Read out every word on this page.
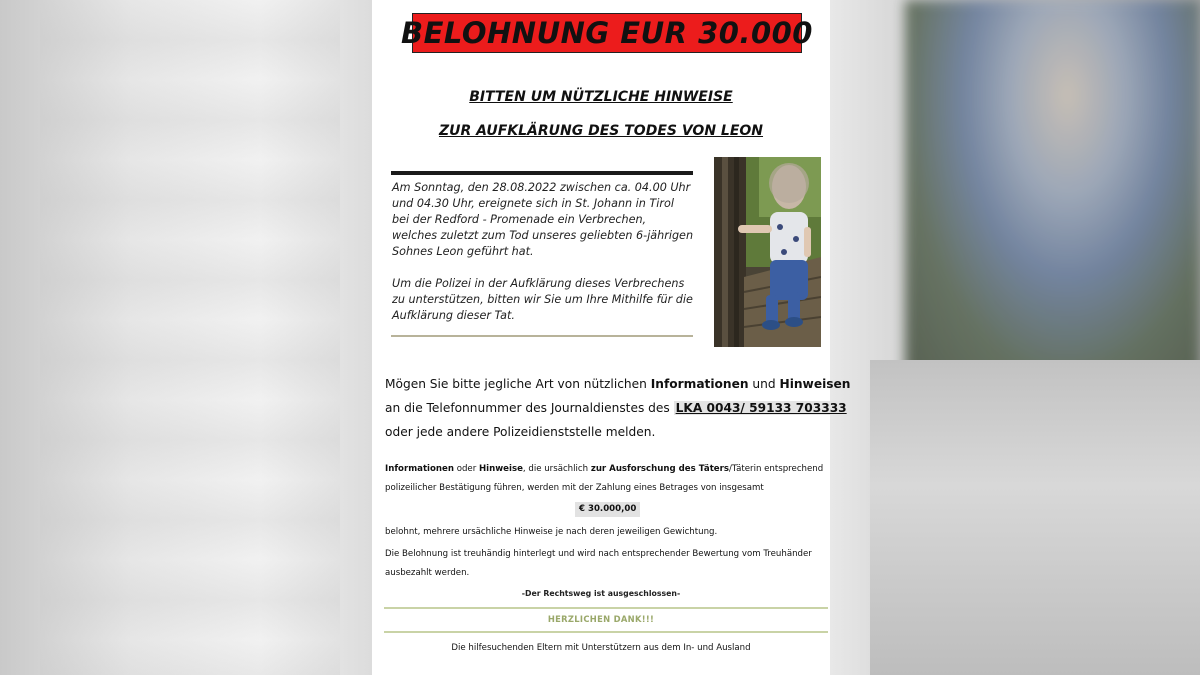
BELOHNUNG EUR 30.000
BITTEN UM NÜTZLICHE HINWEISE
ZUR AUFKLÄRUNG DES TODES VON LEON

Am Sonntag, den 28.08.2022 zwischen ca. 04.00 Uhr und 04.30 Uhr, ereignete sich in St. Johann in Tirol bei der Redford - Promenade ein Verbrechen, welches zuletzt zum Tod unseres geliebten 6-jährigen Sohnes Leon geführt hat.

Um die Polizei in der Aufklärung dieses Verbrechens zu unterstützen, bitten wir Sie um Ihre Mithilfe für die Aufklärung dieser Tat.

Mögen Sie bitte jegliche Art von nützlichen Informationen und Hinweisen
an die Telefonnummer des Journaldienstes des LKA 0043/ 59133 703333
oder jede andere Polizeidienststelle melden.
Informationen oder Hinweise, die ursächlich zur Ausforschung des Täters/Täterin entsprechend
polizeilicher Bestätigung führen, werden mit der Zahlung eines Betrages von insgesamt
€ 30.000,00
belohnt, mehrere ursächliche Hinweise je nach deren jeweiligen Gewichtung.
Die Belohnung ist treuhändig hinterlegt und wird nach entsprechender Bewertung vom Treuhänder
ausbezahlt werden.
-Der Rechtsweg ist ausgeschlossen-
HERZLICHEN DANK!!!
Die hilfesuchenden Eltern mit Unterstützern aus dem In- und Ausland
